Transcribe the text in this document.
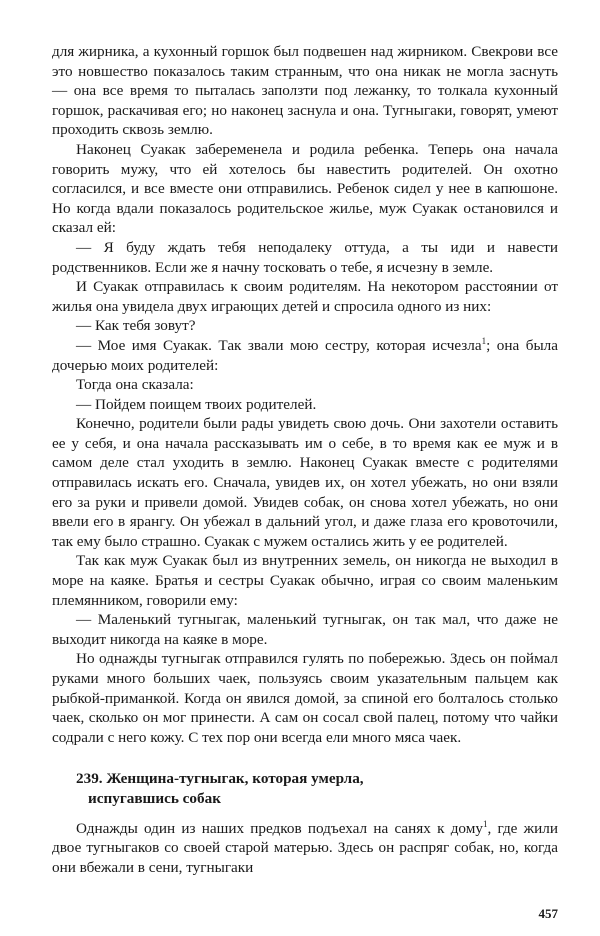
для жирника, а кухонный горшок был подвешен над жирником. Свекрови все это новшество показалось таким странным, что она никак не могла заснуть — она все время то пыталась заползти под лежанку, то толкала кухонный горшок, раскачивая его; но наконец заснула и она. Тугныгаки, говорят, умеют проходить сквозь землю.

Наконец Суакак забеременела и родила ребенка. Теперь она начала говорить мужу, что ей хотелось бы навестить родителей. Он охотно согласился, и все вместе они отправились. Ребенок сидел у нее в капюшоне. Но когда вдали показалось родительское жилье, муж Суакак остановился и сказал ей:

— Я буду ждать тебя неподалеку оттуда, а ты иди и навести родственников. Если же я начну тосковать о тебе, я исчезну в земле.

И Суакак отправилась к своим родителям. На некотором расстоянии от жилья она увидела двух играющих детей и спросила одного из них:

— Как тебя зовут?

— Мое имя Суакак. Так звали мою сестру, которая исчезла$^1$; она была дочерью моих родителей:

Тогда она сказала:

— Пойдем поищем твоих родителей.

Конечно, родители были рады увидеть свою дочь. Они захотели оставить ее у себя, и она начала рассказывать им о себе, в то время как ее муж и в самом деле стал уходить в землю. Наконец Суакак вместе с родителями отправилась искать его. Сначала, увидев их, он хотел убежать, но они взяли его за руки и привели домой. Увидев собак, он снова хотел убежать, но они ввели его в ярангу. Он убежал в дальний угол, и даже глаза его кровоточили, так ему было страшно. Суакак с мужем остались жить у ее родителей.

Так как муж Суакак был из внутренних земель, он никогда не выходил в море на каяке. Братья и сестры Суакак обычно, играя со своим маленьким племянником, говорили ему:

— Маленький тугныгак, маленький тугныгак, он так мал, что даже не выходит никогда на каяке в море.

Но однажды тугныгак отправился гулять по побережью. Здесь он поймал руками много больших чаек, пользуясь своим указательным пальцем как рыбкой-приманкой. Когда он явился домой, за спиной его болталось столько чаек, сколько он мог принести. А сам он сосал свой палец, потому что чайки содрали с него кожу. С тех пор они всегда ели много мяса чаек.

239. Женщина-тугныгак, которая умерла,
испугавшись собак

Однажды один из наших предков подъехал на санях к дому$^1$, где жили двое тугныгаков со своей старой матерью. Здесь он распряг собак, но, когда они вбежали в сени, тугныгаки

457
